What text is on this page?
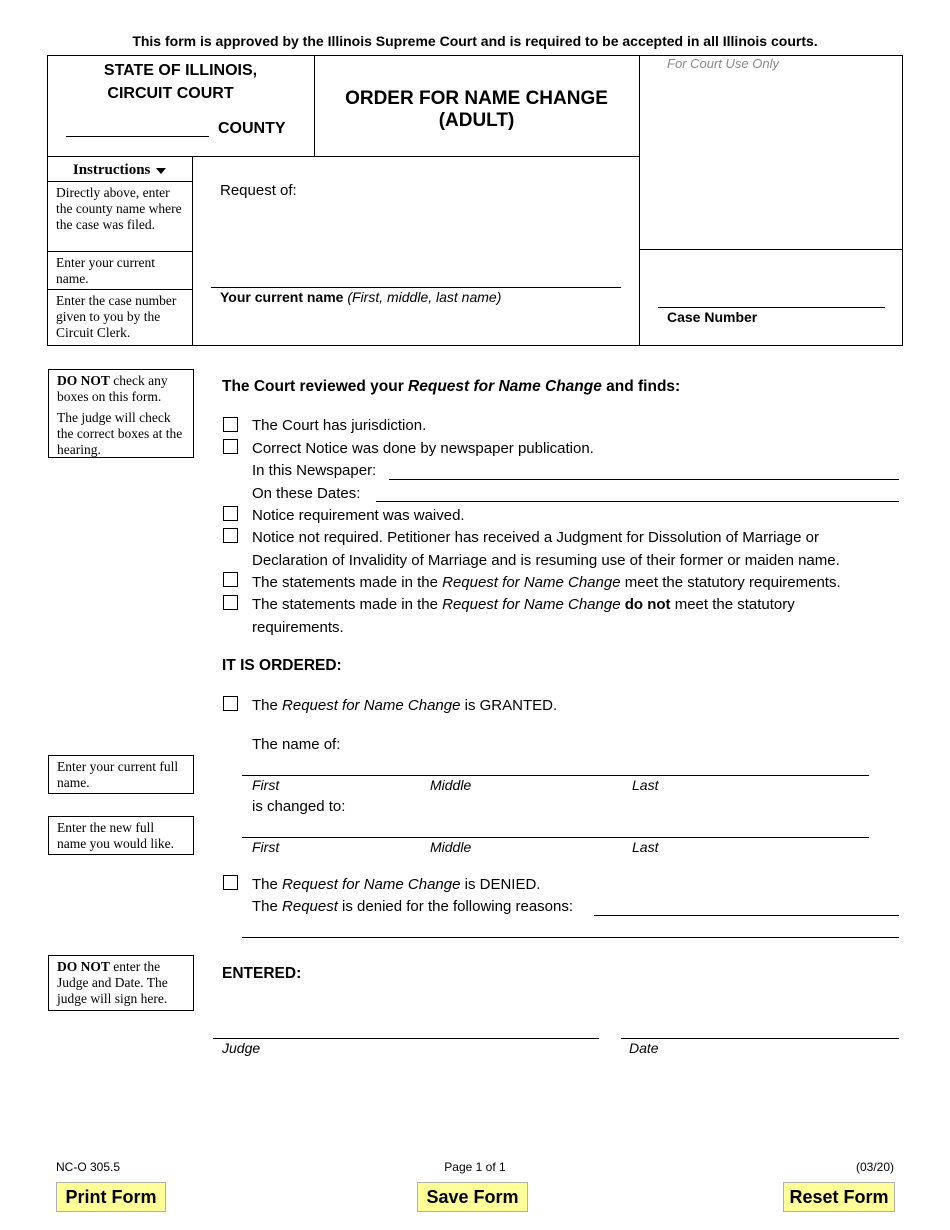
This form is approved by the Illinois Supreme Court and is required to be accepted in all Illinois courts.
STATE OF ILLINOIS,
CIRCUIT COURT
COUNTY
ORDER FOR NAME CHANGE
(ADULT)
For Court Use Only
Instructions
Directly above, enter the county name where the case was filed.
Enter your current name.
Enter the case number given to you by the Circuit Clerk.
Request of:
Your current name (First, middle, last name)
Case Number
DO NOT check any boxes on this form.
The judge will check the correct boxes at the hearing.
Enter your current full name.
Enter the new full name you would like.
DO NOT enter the Judge and Date. The judge will sign here.
The Court reviewed your Request for Name Change and finds:
The Court has jurisdiction.
Correct Notice was done by newspaper publication.
In this Newspaper:
On these Dates:
Notice requirement was waived.
Notice not required. Petitioner has received a Judgment for Dissolution of Marriage or
Declaration of Invalidity of Marriage and is resuming use of their former or maiden name.
The statements made in the Request for Name Change meet the statutory requirements.
The statements made in the Request for Name Change do not meet the statutory
requirements.
IT IS ORDERED:
The Request for Name Change is GRANTED.
The name of:
First	Middle	Last
is changed to:
First	Middle	Last
The Request for Name Change is DENIED.
The Request is denied for the following reasons:
ENTERED:
Judge	Date
NC-O 305.5	Page 1 of 1	(03/20)
Print Form	Save Form	Reset Form
